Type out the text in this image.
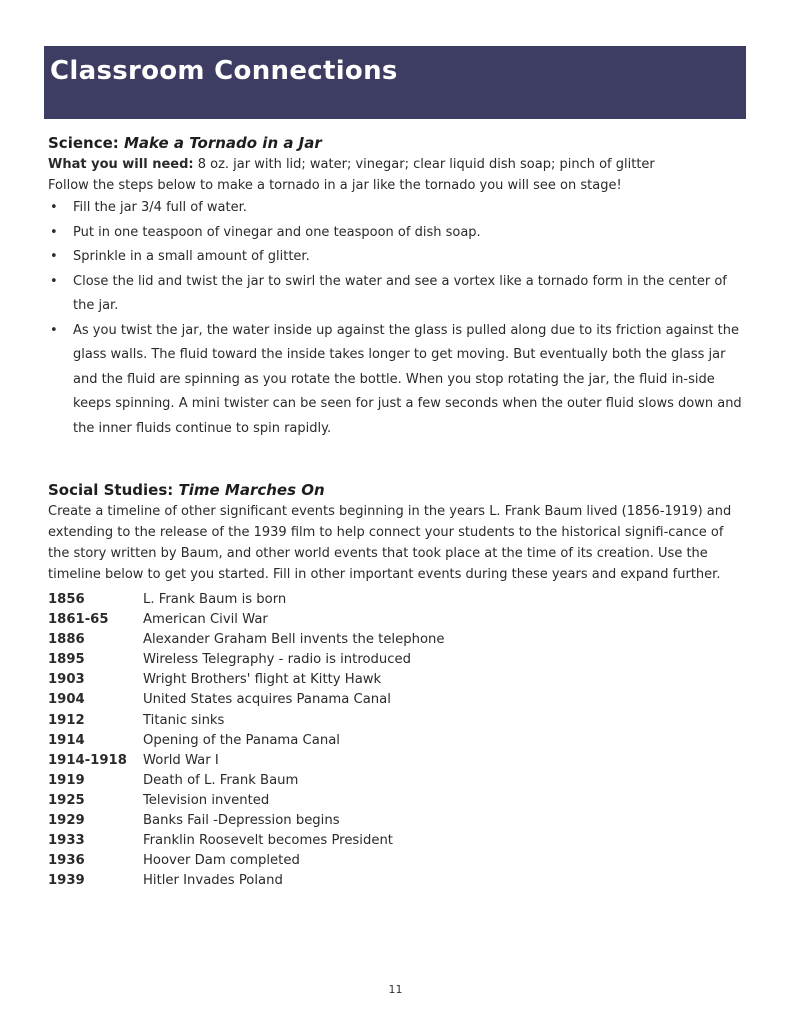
Classroom Connections
Science: Make a Tornado in a Jar

What you will need: 8 oz. jar with lid; water; vinegar; clear liquid dish soap; pinch of glitter

Follow the steps below to make a tornado in a jar like the tornado you will see on stage!

• Fill the jar 3/4 full of water.
• Put in one teaspoon of vinegar and one teaspoon of dish soap.
• Sprinkle in a small amount of glitter.
• Close the lid and twist the jar to swirl the water and see a vortex like a tornado form in the center of the jar.
• As you twist the jar, the water inside up against the glass is pulled along due to its friction against the glass walls. The fluid toward the inside takes longer to get moving. But eventually both the glass jar and the fluid are spinning as you rotate the bottle. When you stop rotating the jar, the fluid in-side keeps spinning. A mini twister can be seen for just a few seconds when the outer fluid slows down and the inner fluids continue to spin rapidly.
Social Studies: Time Marches On

Create a timeline of other significant events beginning in the years L. Frank Baum lived (1856-1919) and extending to the release of the 1939 film to help connect your students to the historical signifi-cance of the story written by Baum, and other world events that took place at the time of its creation. Use the timeline below to get you started. Fill in other important events during these years and expand further.

1856	L. Frank Baum is born
1861-65	American Civil War
1886	Alexander Graham Bell invents the telephone
1895	Wireless Telegraphy - radio is introduced
1903	Wright Brothers' flight at Kitty Hawk
1904	United States acquires Panama Canal
1912	Titanic sinks
1914	Opening of the Panama Canal
1914-1918	World War I
1919	Death of L. Frank Baum
1925	Television invented
1929	Banks Fail -Depression begins
1933	Franklin Roosevelt becomes President
1936	Hoover Dam completed
1939	Hitler Invades Poland
11
